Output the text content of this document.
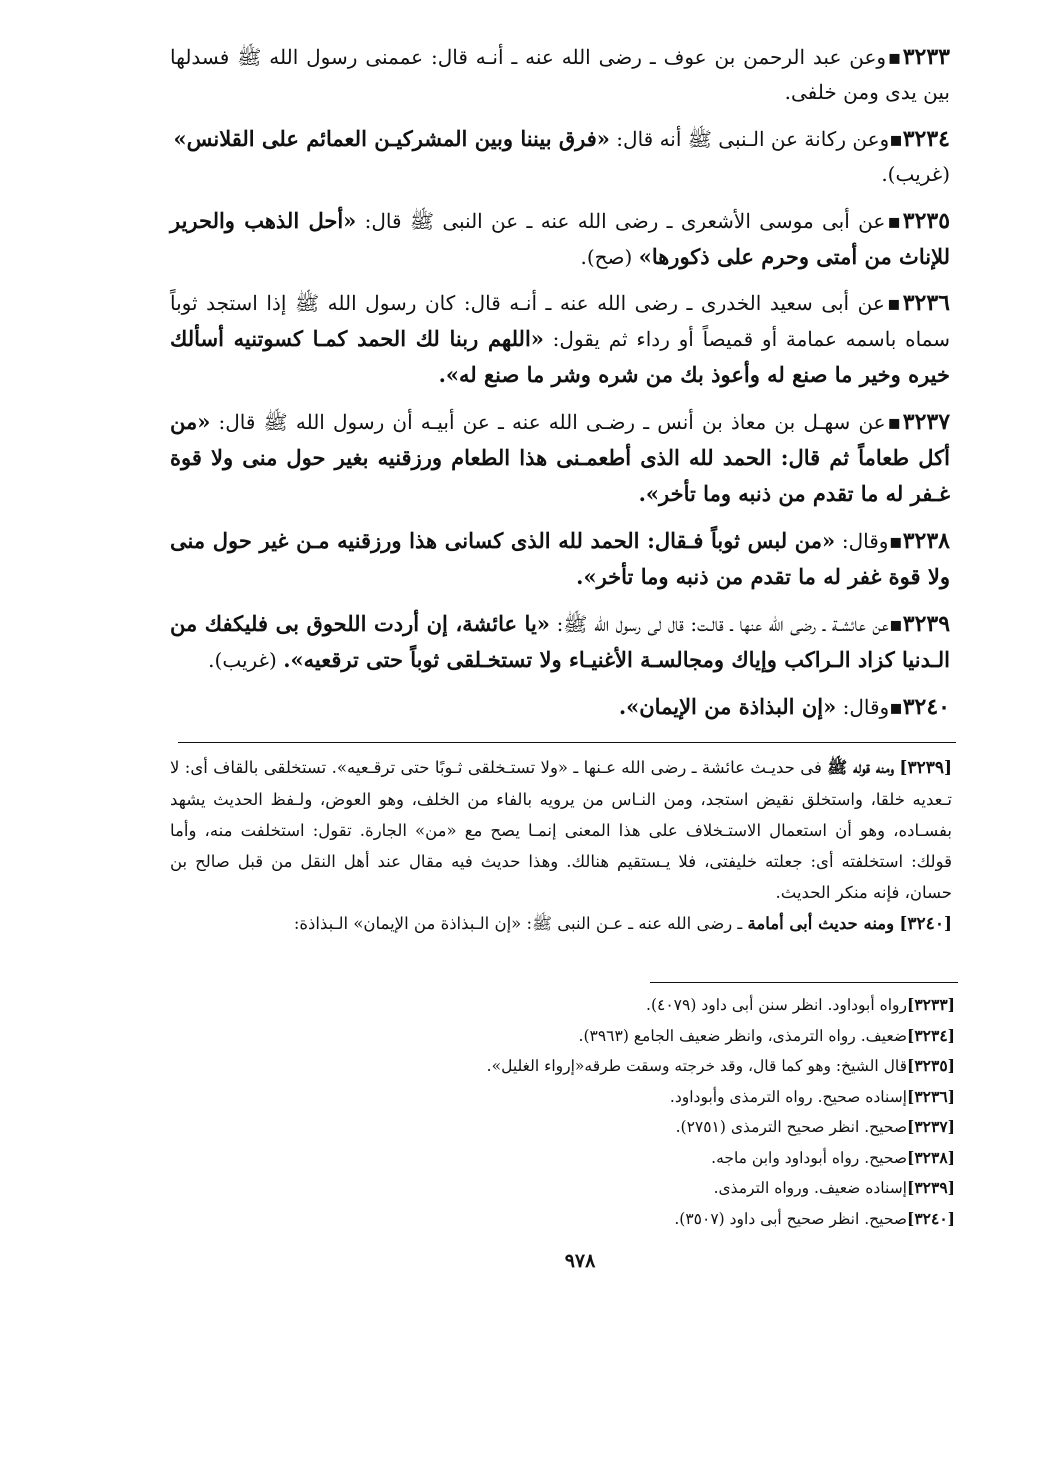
٣٢٣٣▪وعن عبد الرحمن بن عوف ـ رضى الله عنه ـ أنـه قال: عممنى رسول الله ﷺ فسدلها بين يدى ومن خلفى.

٣٢٣٤▪وعن ركانة عن الـنبى ﷺ أنه قال: «فرق بيننا وبين المشركيـن العمائم على القلانس»
(غريب).

٣٢٣٥▪عن أبى موسى الأشعرى ـ رضى الله عنه ـ عن النبى ﷺ قال: «أحل الذهب والحرير للإناث من أمتى وحرم على ذكورها» (صح).

٣٢٣٦▪عن أبى سعيد الخدرى ـ رضى الله عنه ـ أنـه قال: كان رسول الله ﷺ إذا استجد ثوباً سماه باسمه عمامة أو قميصاً أو رداء ثم يقول: «اللهم ربنا لك الحمد كمـا كسوتنيه أسألك خيره وخير ما صنع له وأعوذ بك من شره وشر ما صنع له».

٣٢٣٧▪عن سهـل بن معاذ بن أنس ـ رضـى الله عنه ـ عن أبيـه أن رسول الله ﷺ قال: «من أكل طعاماً ثم قال: الحمد لله الذى أطعمـنى هذا الطعام ورزقنيه بغير حول منى ولا قوة غـفر له ما تقدم من ذنبه وما تأخر».

٣٢٣٨▪وقال: «من لبس ثوباً فـقال: الحمد لله الذى كسانى هذا ورزقنيه مـن غير حول منى ولا قوة غفر له ما تقدم من ذنبه وما تأخر».

٣٢٣٩▪عن عائشـة ـ رضى الله عنها ـ قالـت: قال لى رسول الله ﷺ: «يا عائشة، إن أردت اللحوق بى فليكفك من الـدنيا كزاد الـراكب وإياك ومجالسـة الأغنيـاء ولا تستخـلقى ثوباً حتى ترقعيه». (غريب).

٣٢٤٠▪وقال: «إن البذاذة من الإيمان».

[٣٢٣٩] ومنه قوله ﷺ فى حديـث عائشة ـ رضى الله عـنها ـ «ولا تستـخلقى ثـوبًا حتى ترقـعيه». تستخلقى بالقاف أى: لا تـعديه خلقا، واستخلق نقيض استجد، ومن النـاس من يرويه بالفاء من الخلف، وهو العوض، ولـفظ الحديث يشهد بفسـاده، وهو أن استعمال الاستـخلاف على هذا المعنى إنمـا يصح مع «من» الجارة. تقول: استخلفت منه، وأما قولك: استخلفته أى: جعلته خليفتى، فلا يـستقيم هنالك. وهذا حديث فيه مقال عند أهل النقل من قبل صالح بن حسان، فإنه منكر الحديث.

[٣٢٤٠] ومنه حديث أبى أمامة ـ رضى الله عنه ـ عـن النبى ﷺ: «إن الـبذاذة من الإيمان» الـبذاذة:

[٣٢٣٣]رواه أبوداود. انظر سنن أبى داود (٤٠٧٩).
[٣٢٣٤]ضعيف. رواه الترمذى، وانظر ضعيف الجامع (٣٩٦٣).
[٣٢٣٥]قال الشيخ: وهو كما قال، وقد خرجته وسقت طرقه«إرواء الغليل».
[٣٢٣٦]إسناده صحيح. رواه الترمذى وأبوداود.
[٣٢٣٧]صحيح. انظر صحيح الترمذى (٢٧٥١).
[٣٢٣٨]صحيح. رواه أبوداود وابن ماجه.
[٣٢٣٩]إسناده ضعيف. ورواه الترمذى.
[٣٢٤٠]صحيح. انظر صحيح أبى داود (٣٥٠٧).
٩٧٨
